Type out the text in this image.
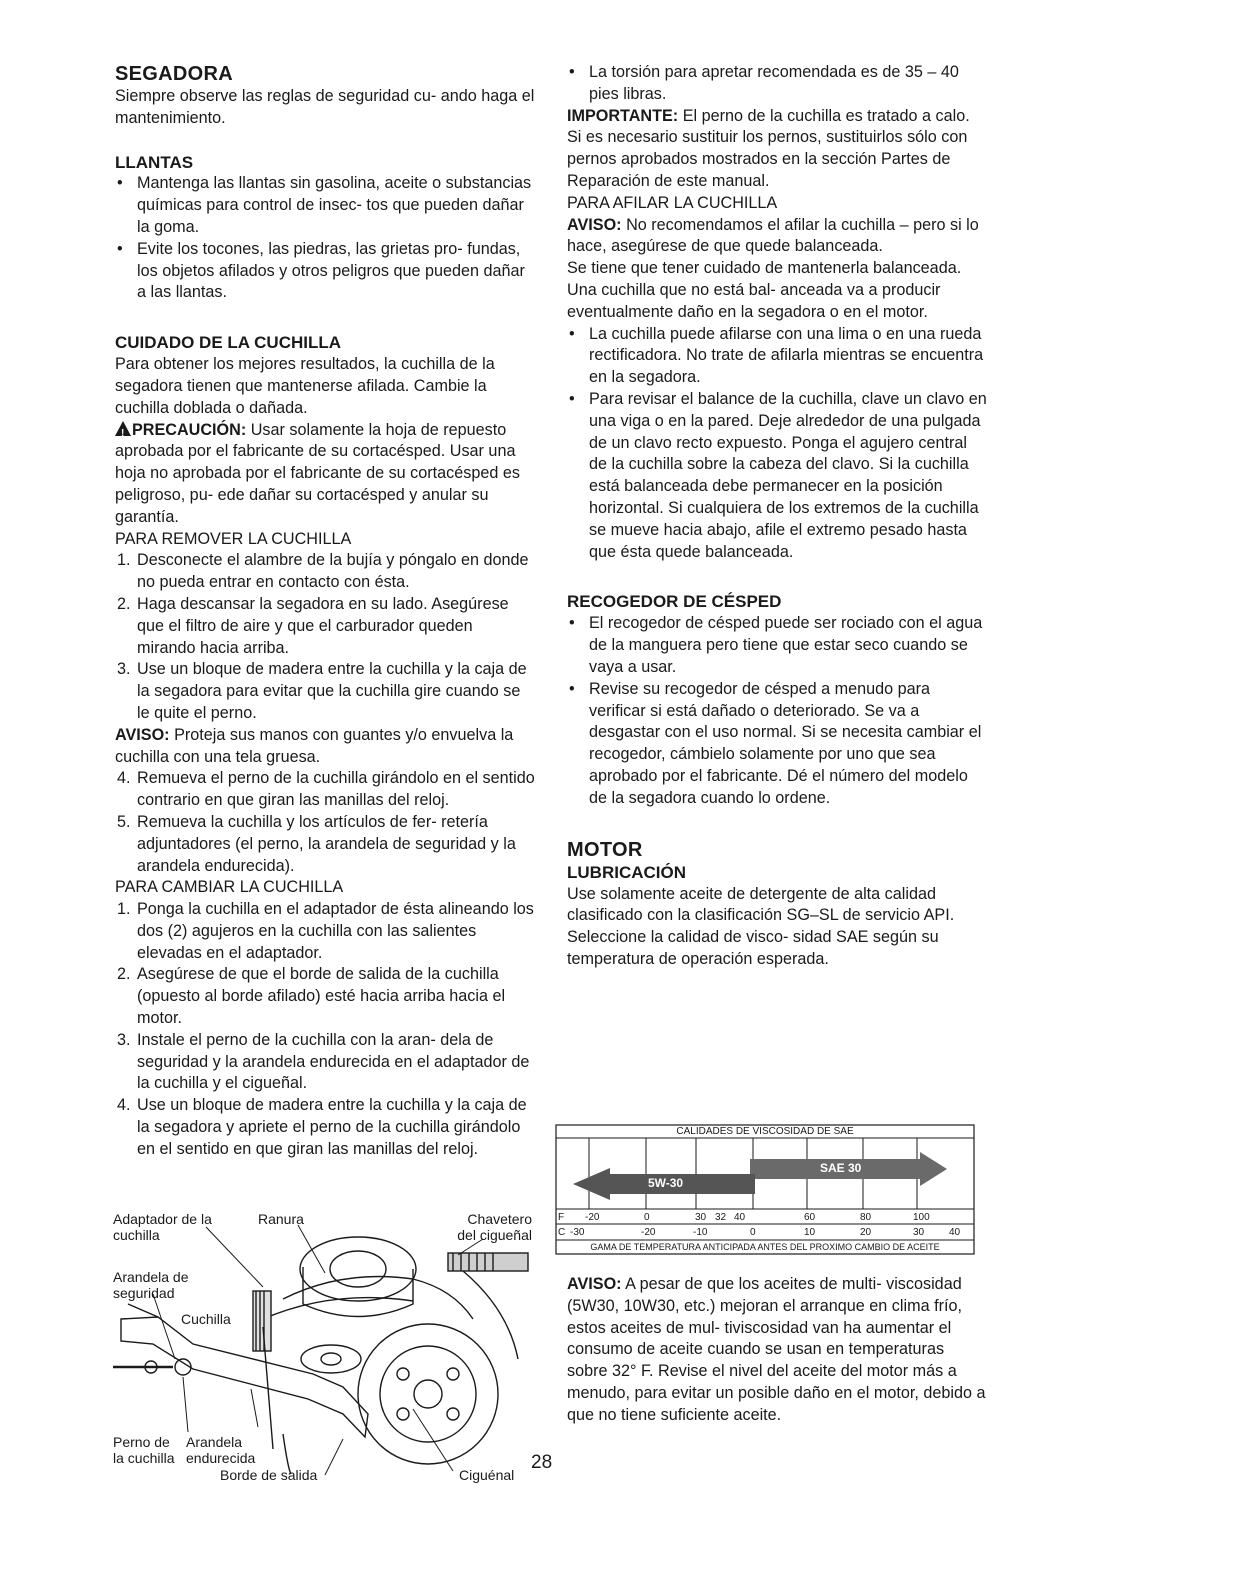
SEGADORA

Siempre observe las reglas de seguridad cu- ando haga el mantenimiento.

LLANTAS
• Mantenga las llantas sin gasolina, aceite o substancias químicas para control de insec- tos que pueden dañar la goma.
• Evite los tocones, las piedras, las grietas pro- fundas, los objetos afilados y otros peligros que pueden dañar a las llantas.
CUIDADO DE LA CUCHILLA

Para obtener los mejores resultados, la cuchilla de la segadora tienen que mantenerse afilada. Cambie la cuchilla doblada o dañada.

!PRECAUCIÓN: Usar solamente la hoja de repuesto aprobada por el fabricante de su cortacésped. Usar una hoja no aprobada por el fabricante de su cortacésped es peligroso, pu- ede dañar su cortacésped y anular su garantía.

PARA REMOVER LA CUCHILLA

1. Desconecte el alambre de la bujía y póngalo en donde no pueda entrar en contacto con ésta.
2. Haga descansar la segadora en su lado. Asegúrese que el filtro de aire y que el carburador queden mirando hacia arriba.
3. Use un bloque de madera entre la cuchilla y la caja de la segadora para evitar que la cuchilla gire cuando se le quite el perno.

AVISO: Proteja sus manos con guantes y/o envuelva la cuchilla con una tela gruesa.

4. Remueva el perno de la cuchilla girándolo en el sentido contrario en que giran las manillas del reloj.
5. Remueva la cuchilla y los artículos de fer- retería adjuntadores (el perno, la arandela de seguridad y la arandela endurecida).

PARA CAMBIAR LA CUCHILLA

1. Ponga la cuchilla en el adaptador de ésta alineando los dos (2) agujeros en la cuchilla con las salientes elevadas en el adaptador.
2. Asegúrese de que el borde de salida de la cuchilla (opuesto al borde afilado) esté hacia arriba hacia el motor.
3. Instale el perno de la cuchilla con la aran- dela de seguridad y la arandela endurecida en el adaptador de la cuchilla y el cigueñal.
4. Use un bloque de madera entre la cuchilla y la caja de la segadora y apriete el perno de la cuchilla girándolo en el sentido en que giran las manillas del reloj.
Adaptador de la cuchilla
Ranura	Chavetero del cigueñal
Arandela de seguridad
Cuchilla
Perno de la cuchilla
Arandela endurecida
Borde de salida	Ciguénal
28
• La torsión para apretar recomendada es de 35 – 40 pies libras.

IMPORTANTE: El perno de la cuchilla es tratado a calo. Si es necesario sustituir los pernos, sustituirlos sólo con pernos aprobados mostrados en la sección Partes de Reparación de este manual.

PARA AFILAR LA CUCHILLA

AVISO: No recomendamos el afilar la cuchilla – pero si lo hace, asegúrese de que quede balanceada.

Se tiene que tener cuidado de mantenerla balanceada. Una cuchilla que no está bal- anceada va a producir eventualmente daño en la segadora o en el motor.

• La cuchilla puede afilarse con una lima o en una rueda rectificadora. No trate de afilarla mientras se encuentra en la segadora.
• Para revisar el balance de la cuchilla, clave un clavo en una viga o en la pared. Deje alrededor de una pulgada de un clavo recto expuesto. Ponga el agujero central de la cuchilla sobre la cabeza del clavo. Si la cuchilla está balanceada debe permanecer en la posición horizontal. Si cualquiera de los extremos de la cuchilla se mueve hacia abajo, afile el extremo pesado hasta que ésta quede balanceada.
RECOGEDOR DE CÉSPED
• El recogedor de césped puede ser rociado con el agua de la manguera pero tiene que estar seco cuando se vaya a usar.
• Revise su recogedor de césped a menudo para verificar si está dañado o deteriorado. Se va a desgastar con el uso normal. Si se necesita cambiar el recogedor, cámbielo solamente por uno que sea aprobado por el fabricante. Dé el número del modelo de la segadora cuando lo ordene.
MOTOR
LUBRICACIÓN

Use solamente aceite de detergente de alta calidad clasificado con la clasificación SG–SL de servicio API. Seleccione la calidad de visco- sidad SAE según su temperatura de operación esperada.

CALIDADES DE VISCOSIDAD DE SAE
SAE 30
5W-30
F -20	0	30 32 40	60	80	100
C -30	-20	-10	0	10	20	30 40
GAMA DE TEMPERATURA ANTICIPADA ANTES DEL PROXIMO CAMBIO DE ACEITE

AVISO: A pesar de que los aceites de multi- viscosidad (5W30, 10W30, etc.) mejoran el arranque en clima frío, estos aceites de mul- tiviscosidad van ha aumentar el consumo de aceite cuando se usan en temperaturas sobre 32° F. Revise el nivel del aceite del motor más a menudo, para evitar un posible daño en el motor, debido a que no tiene suficiente aceite.
